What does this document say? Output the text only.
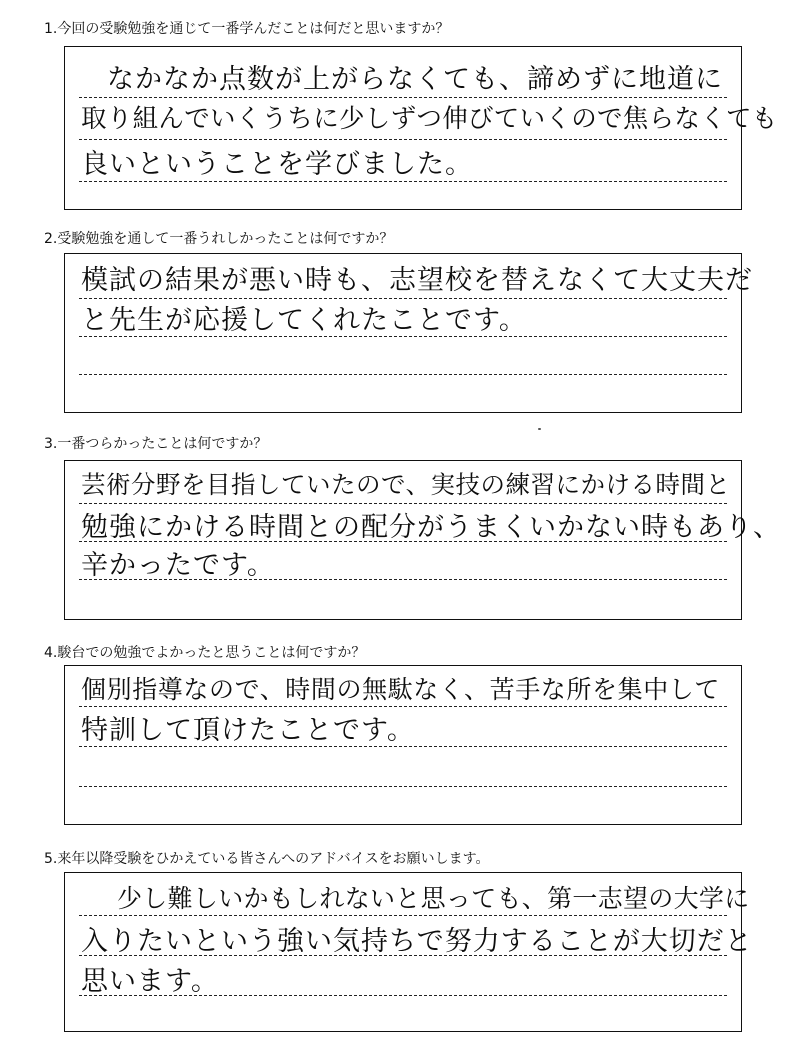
1.今回の受験勉強を通じて一番学んだことは何だと思いますか？
なかなか点数が上がらなくても、諦めずに地道に
取り組んでいくうちに少しずつ伸びていくので焦らなくても
良いということを学びました。
2.受験勉強を通して一番うれしかったことは何ですか？
模試の結果が悪い時も、志望校を替えなくて大丈夫だ
と先生が応援してくれたことです。
3.一番つらかったことは何ですか？
芸術分野を目指していたので、実技の練習にかける時間と
勉強にかける時間との配分がうまくいかない時もあり、
辛かったです。
4.駿台での勉強でよかったと思うことは何ですか？
個別指導なので、時間の無駄なく、苦手な所を集中して
特訓して頂けたことです。
5.来年以降受験をひかえている皆さんへのアドバイスをお願いします。
少し難しいかもしれないと思っても、第一志望の大学に
入りたいという強い気持ちで努力することが大切だと
思います。
